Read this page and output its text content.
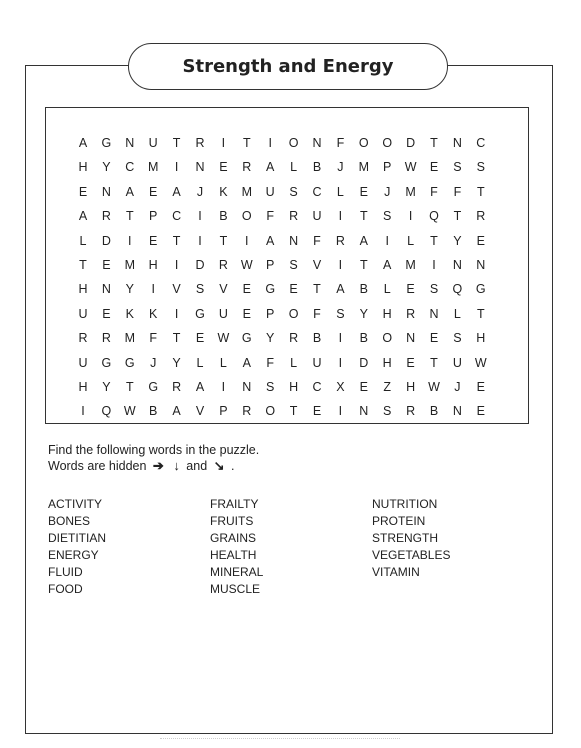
Strength and Energy
A	G	N	U	T	R	I	T	I	O	N	F	O	O	D	T	N	C
H	Y	C	M	I	N	E	R	A	L	B	J	M	P	W	E	S	S
E	N	A	E	A	J	K	M	U	S	C	L	E	J	M	F	F	T
A	R	T	P	C	I	B	O	F	R	U	I	T	S	I	Q	T	R
L	D	I	E	T	I	T	I	A	N	F	R	A	I	L	T	Y	E
T	E	M	H	I	D	R	W	P	S	V	I	T	A	M	I	N	N
H	N	Y	I	V	S	V	E	G	E	T	A	B	L	E	S	Q	G
U	E	K	K	I	G	U	E	P	O	F	S	Y	H	R	N	L	T
R	R	M	F	T	E	W	G	Y	R	B	I	B	O	N	E	S	H
U	G	G	J	Y	L	L	A	F	L	U	I	D	H	E	T	U	W
H	Y	T	G	R	A	I	N	S	H	C	X	E	Z	H	W	J	E
I	Q	W	B	A	V	P	R	O	T	E	I	N	S	R	B	N	E
Find the following words in the puzzle.
Words are hidden ➔ ↓ and ↘ .
ACTIVITY
BONES
DIETITIAN
ENERGY
FLUID
FOOD
FRAILTY
FRUITS
GRAINS
HEALTH
MINERAL
MUSCLE
NUTRITION
PROTEIN
STRENGTH
VEGETABLES
VITAMIN
